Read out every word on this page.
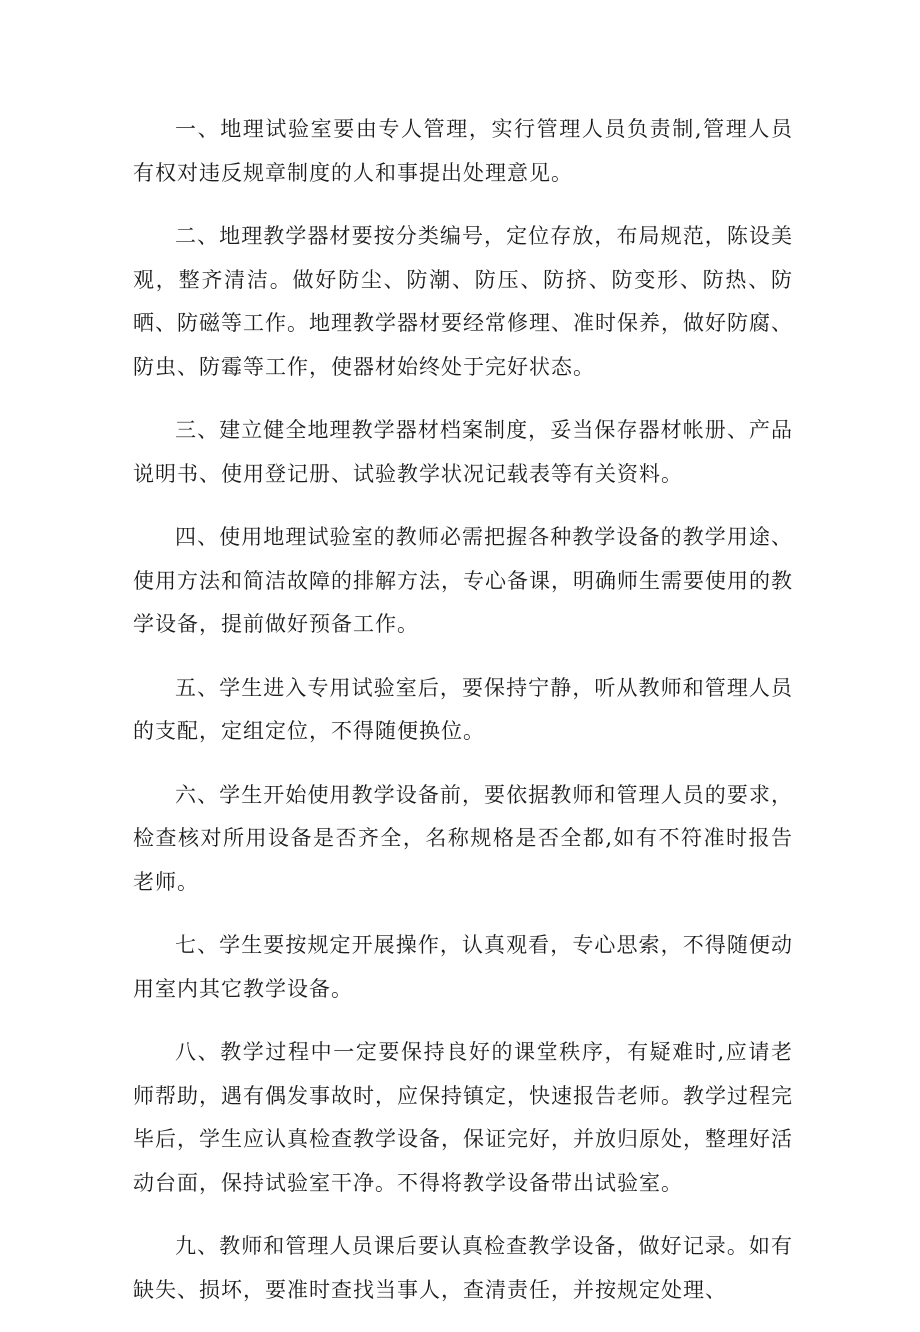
一、地理试验室要由专人管理，实行管理人员负责制,管理人员有权对违反规章制度的人和事提出处理意见。

二、地理教学器材要按分类编号，定位存放，布局规范，陈设美观，整齐清洁。做好防尘、防潮、防压、防挤、防变形、防热、防晒、防磁等工作。地理教学器材要经常修理、准时保养，做好防腐、防虫、防霉等工作，使器材始终处于完好状态。

三、建立健全地理教学器材档案制度，妥当保存器材帐册、产品说明书、使用登记册、试验教学状况记载表等有关资料。

四、使用地理试验室的教师必需把握各种教学设备的教学用途、使用方法和简洁故障的排解方法，专心备课，明确师生需要使用的教学设备，提前做好预备工作。

五、学生进入专用试验室后，要保持宁静，听从教师和管理人员的支配，定组定位，不得随便换位。

六、学生开始使用教学设备前，要依据教师和管理人员的要求，检查核对所用设备是否齐全，名称规格是否全都,如有不符准时报告老师。

七、学生要按规定开展操作，认真观看，专心思索，不得随便动用室内其它教学设备。

八、教学过程中一定要保持良好的课堂秩序，有疑难时,应请老师帮助，遇有偶发事故时，应保持镇定，快速报告老师。教学过程完毕后，学生应认真检查教学设备，保证完好，并放归原处，整理好活动台面，保持试验室干净。不得将教学设备带出试验室。

九、教师和管理人员课后要认真检查教学设备，做好记录。如有缺失、损坏，要准时查找当事人，查清责任，并按规定处理、
